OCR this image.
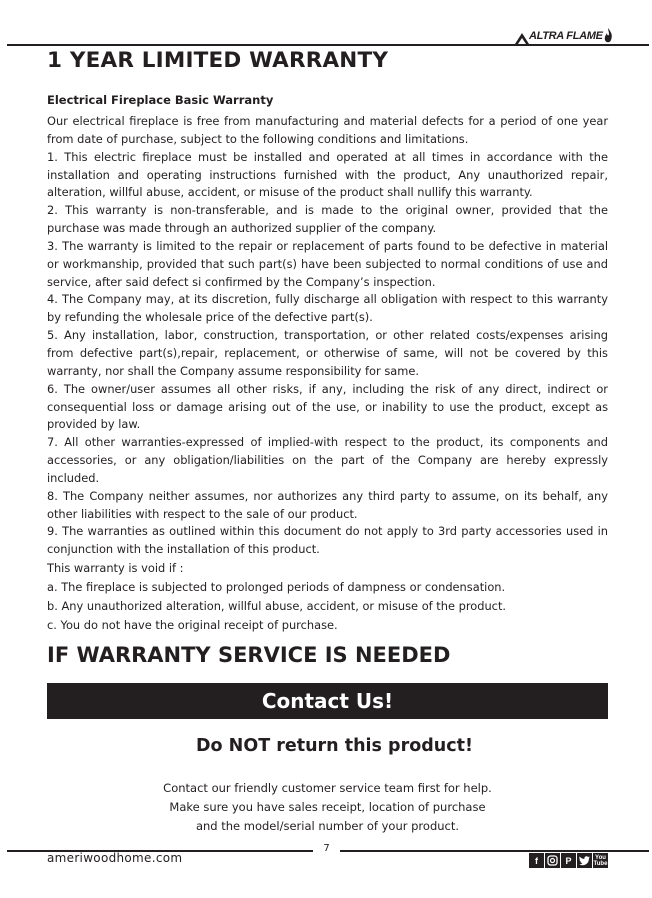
ALTRA FLAME
1 YEAR LIMITED WARRANTY
Electrical Fireplace Basic Warranty

Our electrical fireplace is free from manufacturing and material defects for a period of one year from date of purchase, subject to the following conditions and limitations.

1. This electric fireplace must be installed and operated at all times in accordance with the installation and operating instructions furnished with the product, Any unauthorized repair, alteration, willful abuse, accident, or misuse of the product shall nullify this warranty.

2. This warranty is non-transferable, and is made to the original owner, provided that the purchase was made through an authorized supplier of the company.

3. The warranty is limited to the repair or replacement of parts found to be defective in material or workmanship, provided that such part(s) have been subjected to normal conditions of use and service, after said defect si confirmed by the Company’s inspection.

4. The Company may, at its discretion, fully discharge all obligation with respect to this warranty by refunding the wholesale price of the defective part(s).

5. Any installation, labor, construction, transportation, or other related costs/expenses arising from defective part(s),repair, replacement, or otherwise of same, will not be covered by this warranty, nor shall the Company assume responsibility for same.

6. The owner/user assumes all other risks, if any, including the risk of any direct, indirect or consequential loss or damage arising out of the use, or inability to use the product, except as provided by law.

7. All other warranties-expressed of implied-with respect to the product, its components and accessories, or any obligation/liabilities on the part of the Company are hereby expressly included.

8. The Company neither assumes, nor authorizes any third party to assume, on its behalf, any other liabilities with respect to the sale of our product.

9. The warranties as outlined within this document do not apply to 3rd party accessories used in conjunction with the installation of this product.

This warranty is void if :

a. The fireplace is subjected to prolonged periods of dampness or condensation.

b. Any unauthorized alteration, willful abuse, accident, or misuse of the product.

c. You do not have the original receipt of purchase.

IF WARRANTY SERVICE IS NEEDED
Contact Us!
Do NOT return this product!
Contact our friendly customer service team first for help.
Make sure you have sales receipt, location of purchase
and the model/serial number of your product.
7
ameriwoodhome.com	f	P	You
Tube
